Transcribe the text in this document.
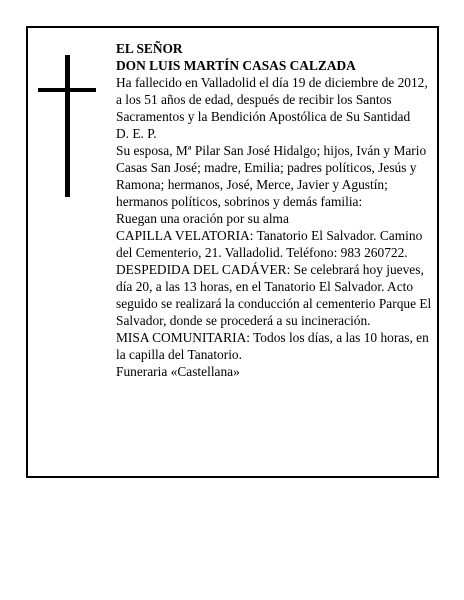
EL SEÑOR

DON LUIS MARTÍN CASAS CALZADA

Ha fallecido en Valladolid el día 19 de diciembre de 2012, a los 51 años de edad, después de recibir los Santos Sacramentos y la Bendición Apostólica de Su Santidad

D. E. P.

Su esposa, Mª Pilar San José Hidalgo; hijos, Iván y Mario Casas San José; madre, Emilia; padres políticos, Jesús y Ramona; hermanos, José, Merce, Javier y Agustín; hermanos políticos, sobrinos y demás familia:

Ruegan una oración por su alma

CAPILLA VELATORIA: Tanatorio El Salvador. Camino del Cementerio, 21. Valladolid. Teléfono: 983 260722.

DESPEDIDA DEL CADÁVER: Se celebrará hoy jueves, día 20, a las 13 horas, en el Tanatorio El Salvador. Acto seguido se realizará la conducción al cementerio Parque El Salvador, donde se procederá a su incineración.

MISA COMUNITARIA: Todos los días, a las 10 horas, en la capilla del Tanatorio.

Funeraria «Castellana»
